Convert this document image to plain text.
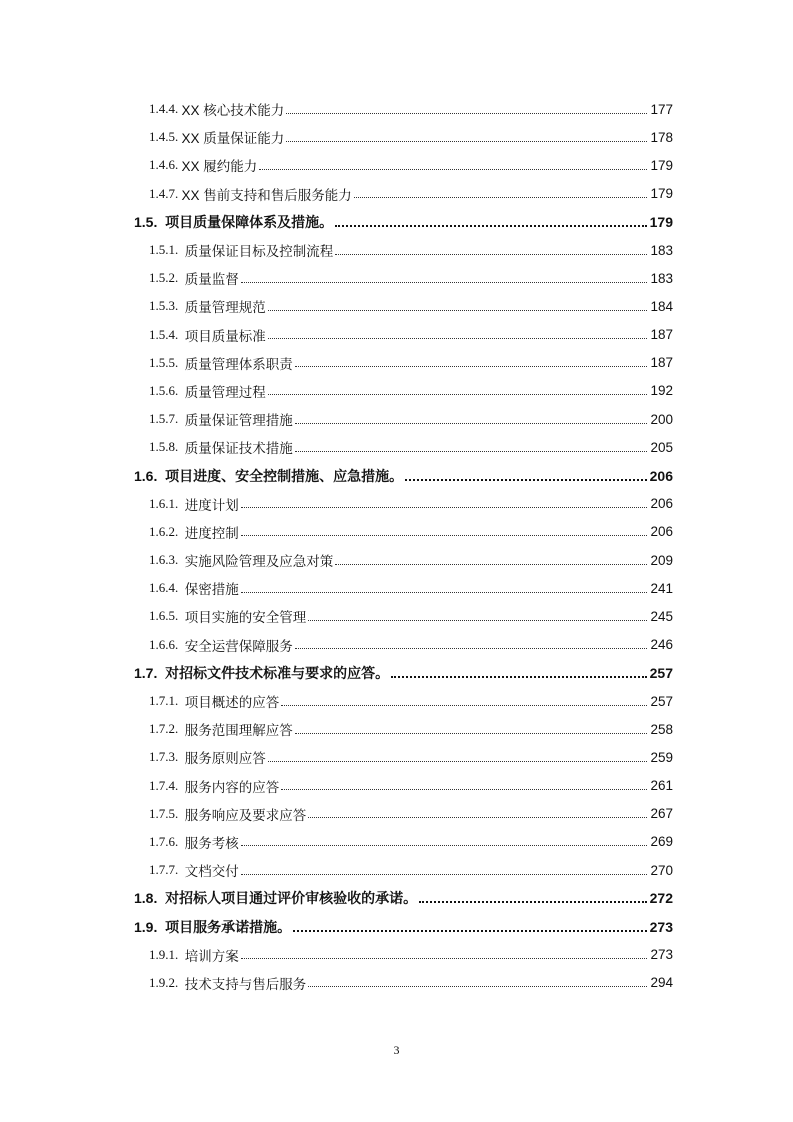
1.4.4. XX 核心技术能力	177
1.4.5. XX 质量保证能力	178
1.4.6. XX 履约能力	179
1.4.7. XX 售前支持和售后服务能力	179
1.5. 项目质量保障体系及措施。	179
1.5.1. 质量保证目标及控制流程	183
1.5.2. 质量监督	183
1.5.3. 质量管理规范	184
1.5.4. 项目质量标准	187
1.5.5. 质量管理体系职责	187
1.5.6. 质量管理过程	192
1.5.7. 质量保证管理措施	200
1.5.8. 质量保证技术措施	205
1.6. 项目进度、安全控制措施、应急措施。	206
1.6.1. 进度计划	206
1.6.2. 进度控制	206
1.6.3. 实施风险管理及应急对策	209
1.6.4. 保密措施	241
1.6.5. 项目实施的安全管理	245
1.6.6. 安全运营保障服务	246
1.7. 对招标文件技术标准与要求的应答。	257
1.7.1. 项目概述的应答	257
1.7.2. 服务范围理解应答	258
1.7.3. 服务原则应答	259
1.7.4. 服务内容的应答	261
1.7.5. 服务响应及要求应答	267
1.7.6. 服务考核	269
1.7.7. 文档交付	270
1.8. 对招标人项目通过评价审核验收的承诺。	272
1.9. 项目服务承诺措施。	273
1.9.1. 培训方案	273
1.9.2. 技术支持与售后服务	294
3
